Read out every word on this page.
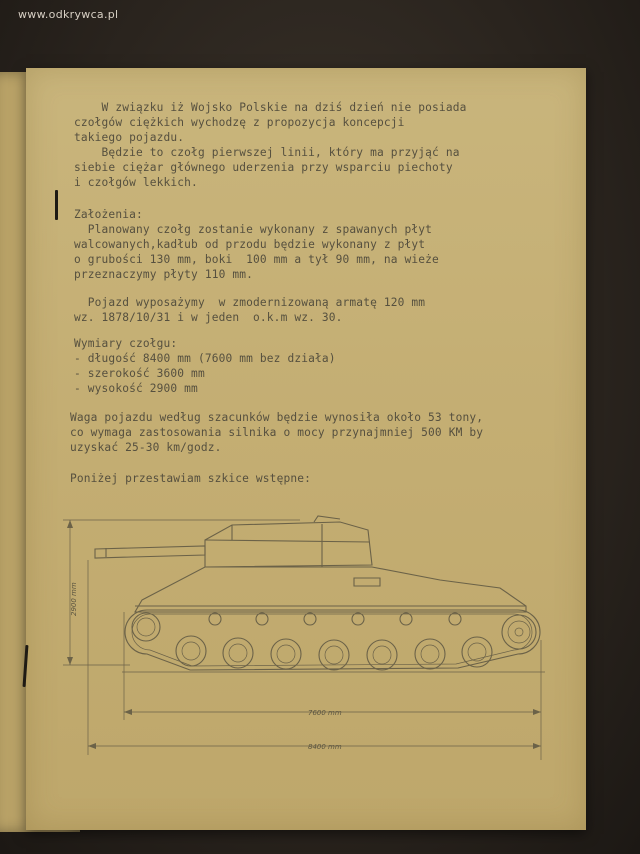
www.odkrywca.pl
W związku iż Wojsko Polskie na dziś dzień nie posiada
czołgów ciężkich wychodzę z propozycja koncepcji
takiego pojazdu.
Będzie to czołg pierwszej linii, który ma przyjąć na
siebie ciężar głównego uderzenia przy wsparciu piechoty
i czołgów lekkich.
Założenia:
Planowany czołg zostanie wykonany z spawanych płyt
walcowanych,kadłub od przodu będzie wykonany z płyt
o grubości 130 mm, boki  100 mm a tył 90 mm, na wieże
przeznaczymy płyty 110 mm.
Pojazd wyposażymy  w zmodernizowaną armatę 120 mm
wz. 1878/10/31 i w jeden  o.k.m wz. 30.
Wymiary czołgu:
- długość 8400 mm (7600 mm bez działa)
- szerokość 3600 mm
- wysokość 2900 mm
Waga pojazdu według szacunków będzie wynosiła około 53 tony,
co wymaga zastosowania silnika o mocy przynajmniej 500 KM by
uzyskać 25-30 km/godz.
Poniżej przestawiam szkice wstępne:
2900 mm
7600 mm
8400 mm
